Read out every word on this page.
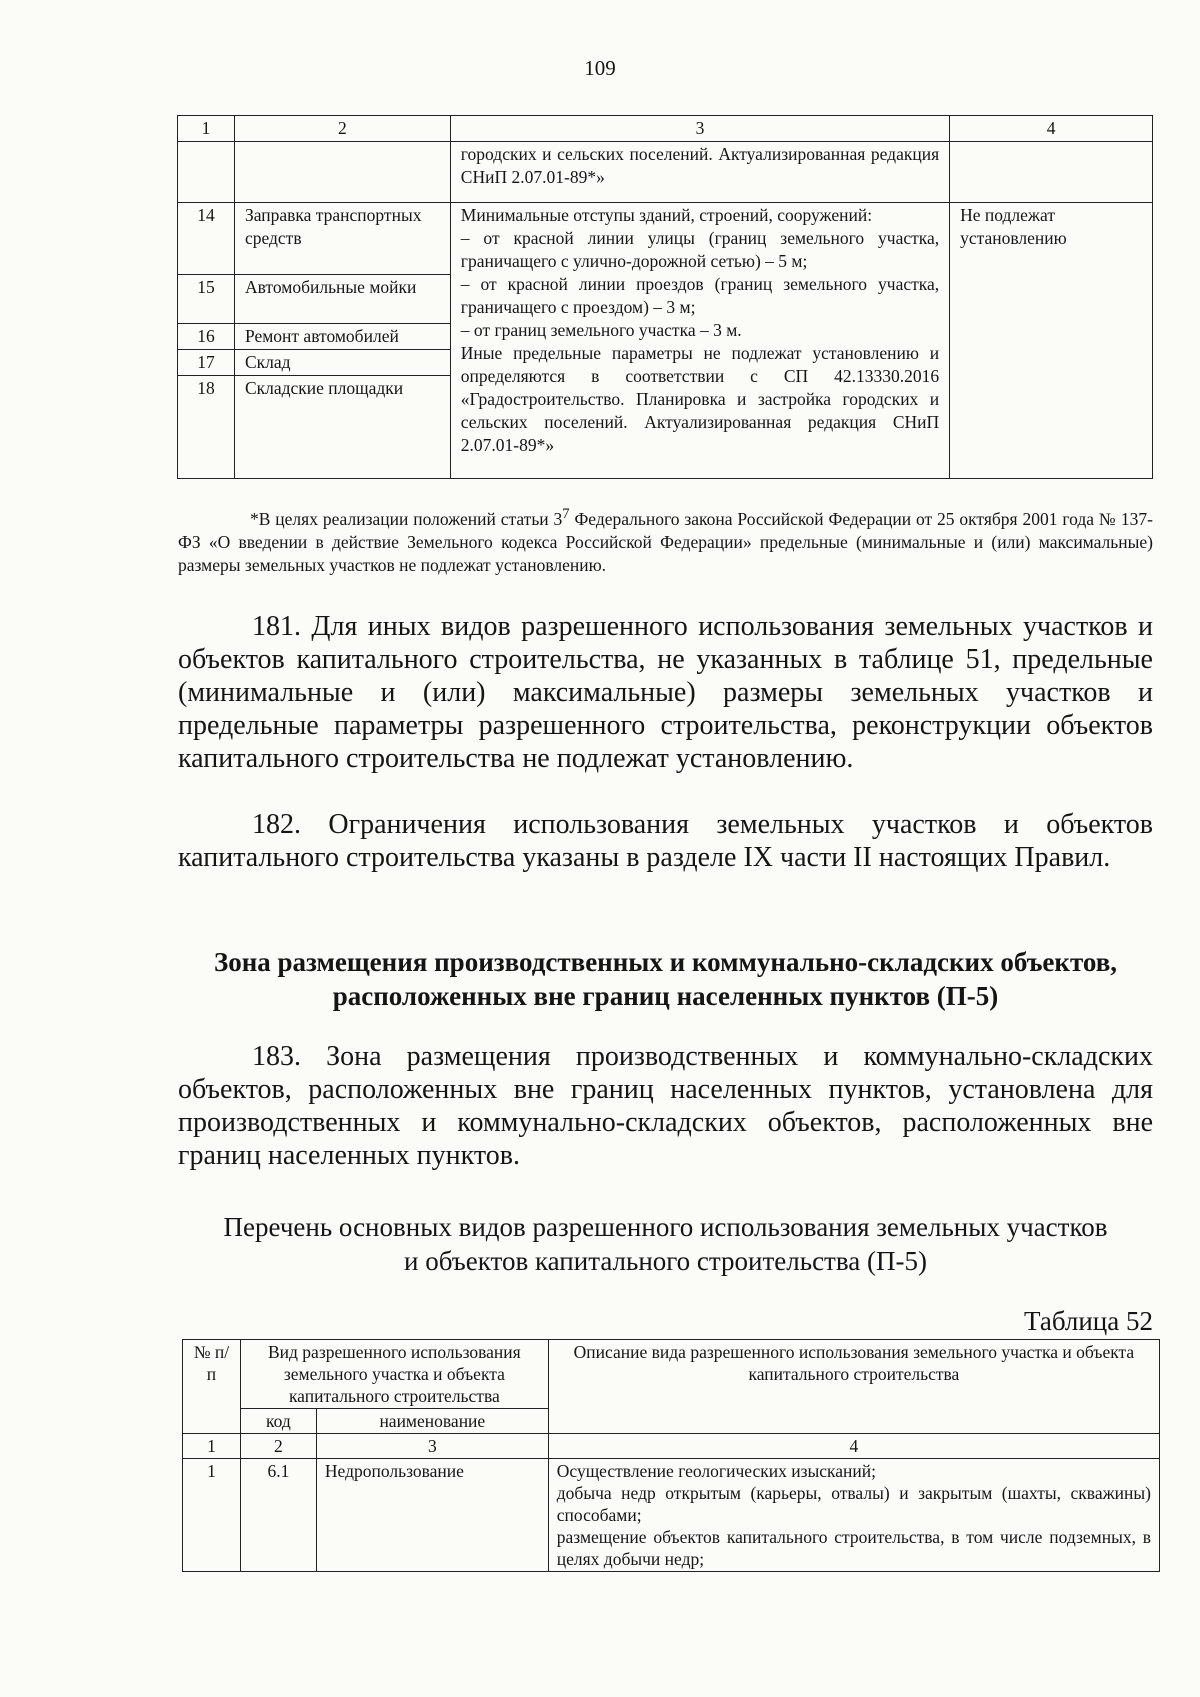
109
1	2	3	4
		городских и сельских поселений. Актуализированная редакция СНиП 2.07.01-89*»	
14	Заправка транспортных средств	Минимальные отступы зданий, строений, сооружений:
– от красной линии улицы (границ земельного участка, граничащего с улично-дорожной сетью) – 5 м;
– от красной линии проездов (границ земельного участка, граничащего с проездом) – 3 м;
– от границ земельного участка – 3 м.
Иные предельные параметры не подлежат установлению и определяются в соответствии с СП 42.13330.2016 «Градостроительство. Планировка и застройка городских и сельских поселений. Актуализированная редакция СНиП 2.07.01-89*»	Не подлежат установлению
15	Автомобильные мойки		
16	Ремонт автомобилей		
17	Склад		
18	Складские площадки		
*В целях реализации положений статьи $3^7$ Федерального закона Российской Федерации от 25 октября 2001 года № 137-ФЗ «О введении в действие Земельного кодекса Российской Федерации» предельные (минимальные и (или) максимальные) размеры земельных участков не подлежат установлению.
181. Для иных видов разрешенного использования земельных участков и объектов капитального строительства, не указанных в таблице 51, предельные (минимальные и (или) максимальные) размеры земельных участков и предельные параметры разрешенного строительства, реконструкции объектов капитального строительства не подлежат установлению.
182. Ограничения использования земельных участков и объектов капитального строительства указаны в разделе IX части II настоящих Правил.
Зона размещения производственных и коммунально-складских объектов,
расположенных вне границ населенных пунктов (П-5)
183. Зона размещения производственных и коммунально-складских объектов, расположенных вне границ населенных пунктов, установлена для производственных и коммунально-складских объектов, расположенных вне границ населенных пунктов.
Перечень основных видов разрешенного использования земельных участков
и объектов капитального строительства (П-5)
Таблица 52
№ п/п	Вид разрешенного использования земельного участка и объекта капитального строительства		Описание вида разрешенного использования земельного участка и объекта капитального строительства
	код	наименование	
1	2	3	4
1	6.1	Недропользование	Осуществление геологических изысканий;
добыча недр открытым (карьеры, отвалы) и закрытым (шахты, скважины) способами;
размещение объектов капитального строительства, в том числе подземных, в целях добычи недр;
